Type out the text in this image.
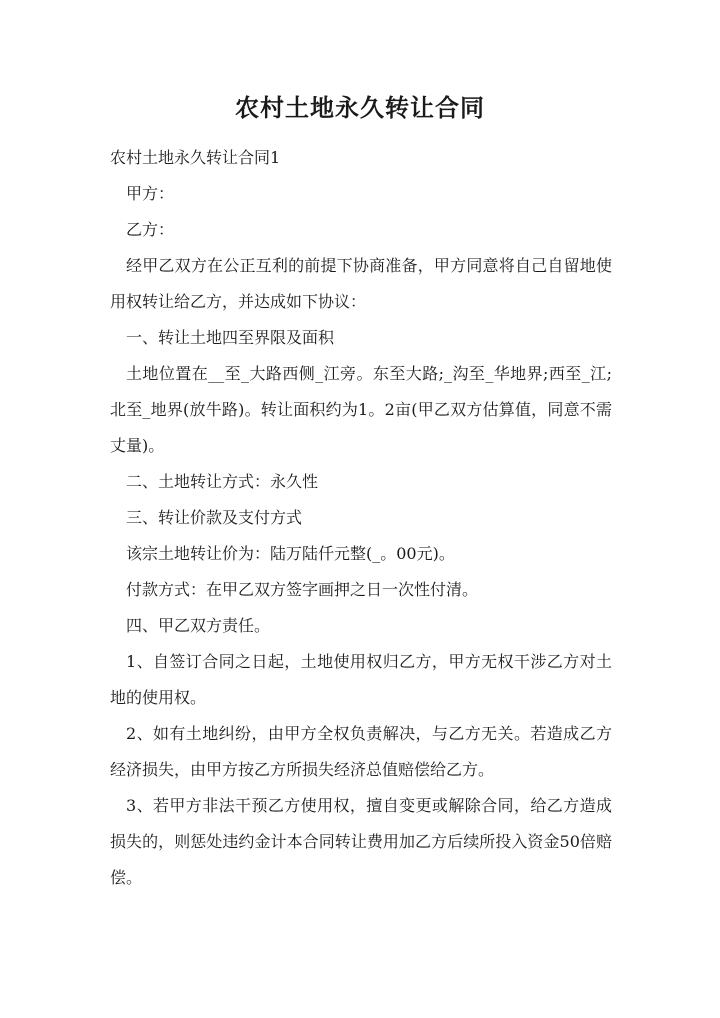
农村土地永久转让合同

农村土地永久转让合同1

甲方：

乙方：

经甲乙双方在公正互利的前提下协商准备，甲方同意将自己自留地使用权转让给乙方，并达成如下协议：

一、转让土地四至界限及面积

土地位置在__至_大路西侧_江旁。东至大路;_沟至_华地界;西至_江;北至_地界(放牛路)。转让面积约为1。2亩(甲乙双方估算值，同意不需丈量)。

二、土地转让方式：永久性

三、转让价款及支付方式

该宗土地转让价为：陆万陆仟元整(_。00元)。

付款方式：在甲乙双方签字画押之日一次性付清。

四、甲乙双方责任。

1、自签订合同之日起，土地使用权归乙方，甲方无权干涉乙方对土地的使用权。

2、如有土地纠纷，由甲方全权负责解决，与乙方无关。若造成乙方经济损失，由甲方按乙方所损失经济总值赔偿给乙方。

3、若甲方非法干预乙方使用权，擅自变更或解除合同，给乙方造成损失的，则惩处违约金计本合同转让费用加乙方后续所投入资金50倍赔偿。
